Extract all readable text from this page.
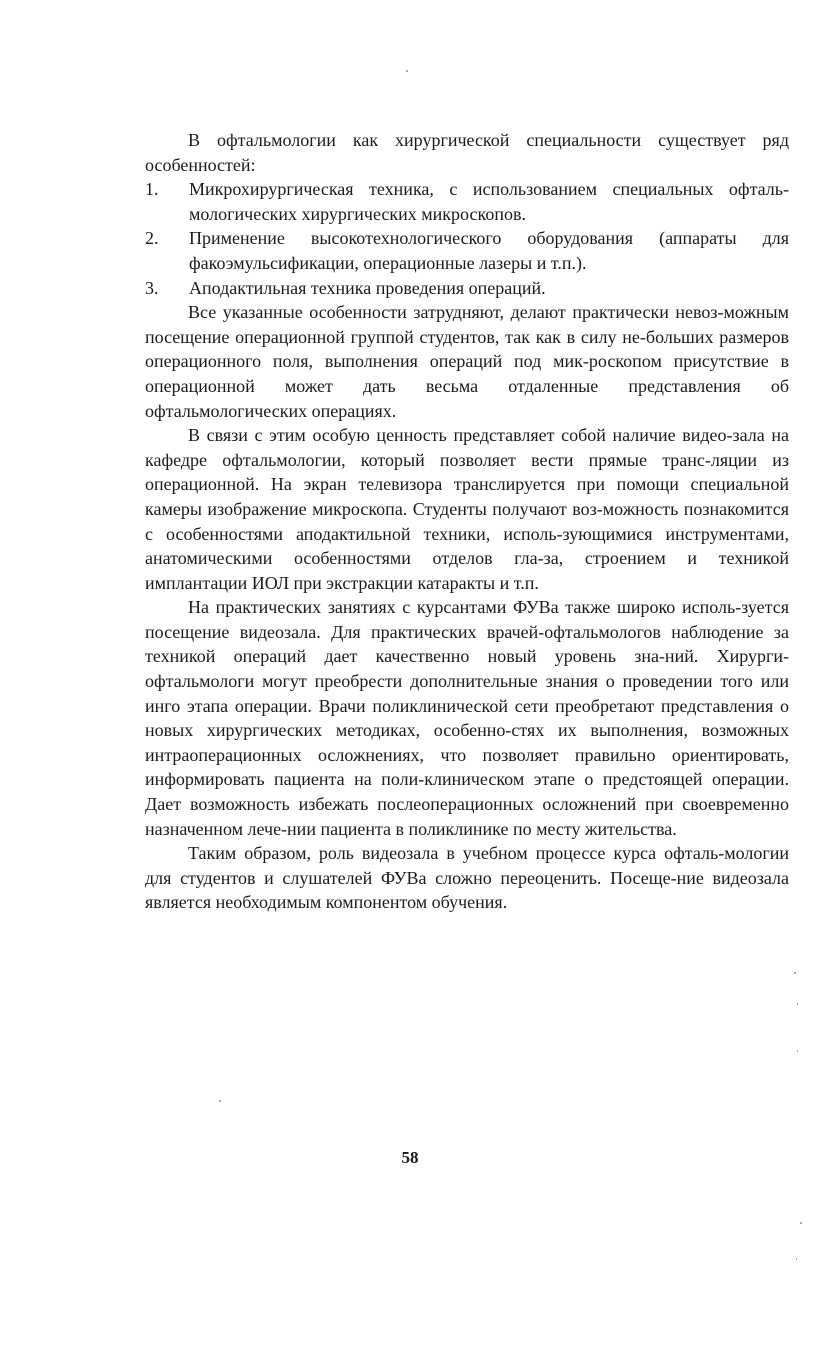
В офтальмологии как хирургической специальности существует ряд особенностей:

1.	Микрохирургическая техника, с использованием специальных офталь-мологических хирургических микроскопов.
2.	Применение высокотехнологического оборудования (аппараты для факоэмульсификации, операционные лазеры и т.п.).
3.	Аподактильная техника проведения операций.

Все указанные особенности затрудняют, делают практически невоз-можным посещение операционной группой студентов, так как в силу не-больших размеров операционного поля, выполнения операций под мик-роскопом присутствие в операционной может дать весьма отдаленные представления об офтальмологических операциях.

В связи с этим особую ценность представляет собой наличие видео-зала на кафедре офтальмологии, который позволяет вести прямые транс-ляции из операционной. На экран телевизора транслируется при помощи специальной камеры изображение микроскопа. Студенты получают воз-можность познакомится с особенностями аподактильной техники, исполь-зующимися инструментами, анатомическими особенностями отделов гла-за, строением и техникой имплантации ИОЛ при экстракции катаракты и т.п.

На практических занятиях с курсантами ФУВа также широко исполь-зуется посещение видеозала. Для практических врачей-офтальмологов наблюдение за техникой операций дает качественно новый уровень зна-ний. Хирурги-офтальмологи могут преобрести дополнительные знания о проведении того или инго этапа операции. Врачи поликлинической сети преобретают представления о новых хирургических методиках, особенно-стях их выполнения, возможных интраоперационных осложнениях, что позволяет правильно ориентировать, информировать пациента на поли-клиническом этапе о предстоящей операции. Дает возможность избежать послеоперационных осложнений при своевременно назначенном лече-нии пациента в поликлинике по месту жительства.

Таким образом, роль видеозала в учебном процессе курса офталь-мологии для студентов и слушателей ФУВа сложно переоценить. Посеще-ние видеозала является необходимым компонентом обучения.

58
